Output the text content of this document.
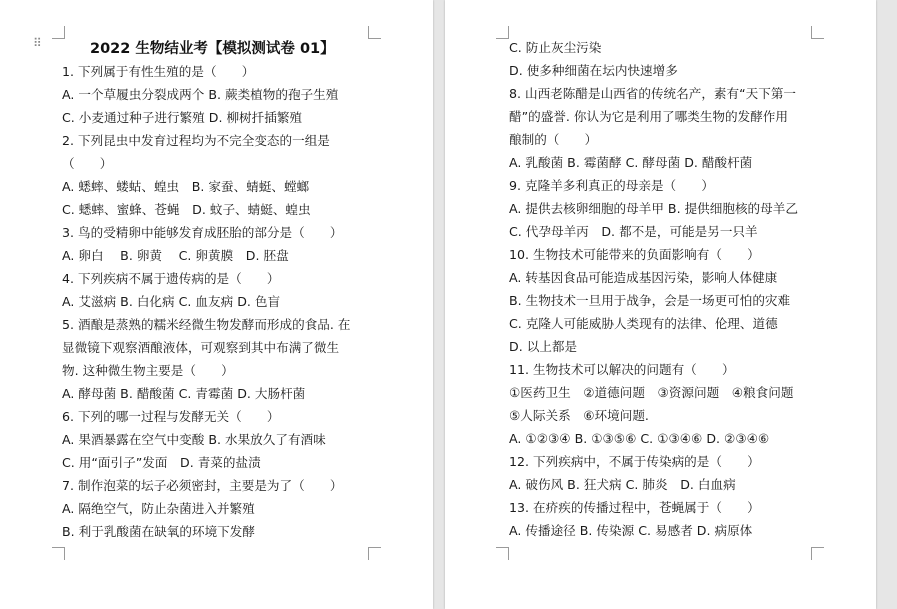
⠿	2022 生物结业考【模拟测试卷 01】
1. 下列属于有性生殖的是（　　）
A. 一个草履虫分裂成两个 B. 蕨类植物的孢子生殖
C. 小麦通过种子进行繁殖 D. 柳树扦插繁殖
2. 下列昆虫中发育过程均为不完全变态的一组是
（　　）
A. 蟋蟀、蝼蛄、蝗虫　B. 家蚕、蜻蜓、螳螂
C. 蟋蟀、蜜蜂、苍蝇　D. 蚊子、蜻蜓、蝗虫
3. 鸟的受精卵中能够发育成胚胎的部分是（　　）
A. 卵白　 B. 卵黄　 C. 卵黄膜　D. 胚盘
4. 下列疾病不属于遗传病的是（　　）
A. 艾滋病 B. 白化病 C. 血友病 D. 色盲
5. 酒酿是蒸熟的糯米经微生物发酵而形成的食品. 在
显微镜下观察酒酿液体，可观察到其中布满了微生
物. 这种微生物主要是（　　）
A. 酵母菌 B. 醋酸菌 C. 青霉菌 D. 大肠杆菌
6. 下列的哪一过程与发酵无关（　　）
A. 果酒暴露在空气中变酸 B. 水果放久了有酒味
C. 用“面引子”发面　D. 青菜的盐渍
7. 制作泡菜的坛子必须密封，主要是为了（　　）
A. 隔绝空气，防止杂菌进入并繁殖
B. 利于乳酸菌在缺氧的环境下发酵
C. 防止灰尘污染
D. 使多种细菌在坛内快速增多
8. 山西老陈醋是山西省的传统名产，素有“天下第一
醋”的盛誉. 你认为它是利用了哪类生物的发酵作用
酿制的（　　）
A. 乳酸菌 B. 霉菌酵 C. 酵母菌 D. 醋酸杆菌
9. 克隆羊多利真正的母亲是（　　）
A. 提供去核卵细胞的母羊甲 B. 提供细胞核的母羊乙
C. 代孕母羊丙　D. 都不是，可能是另一只羊
10. 生物技术可能带来的负面影响有（　　）
A. 转基因食品可能造成基因污染，影响人体健康
B. 生物技术一旦用于战争，会是一场更可怕的灾难
C. 克隆人可能威胁人类现有的法律、伦理、道德
D. 以上都是
11. 生物技术可以解决的问题有（　　）
①医药卫生　②道德问题　③资源问题　④粮食问题
⑤人际关系　⑥环境问题.
A. ①②③④ B. ①③⑤⑥ C. ①③④⑥ D. ②③④⑥
12. 下列疾病中，不属于传染病的是（　　）
A. 破伤风 B. 狂犬病 C. 肺炎　D. 白血病
13. 在疥疾的传播过程中，苍蝇属于（　　）
A. 传播途径 B. 传染源 C. 易感者 D. 病原体
